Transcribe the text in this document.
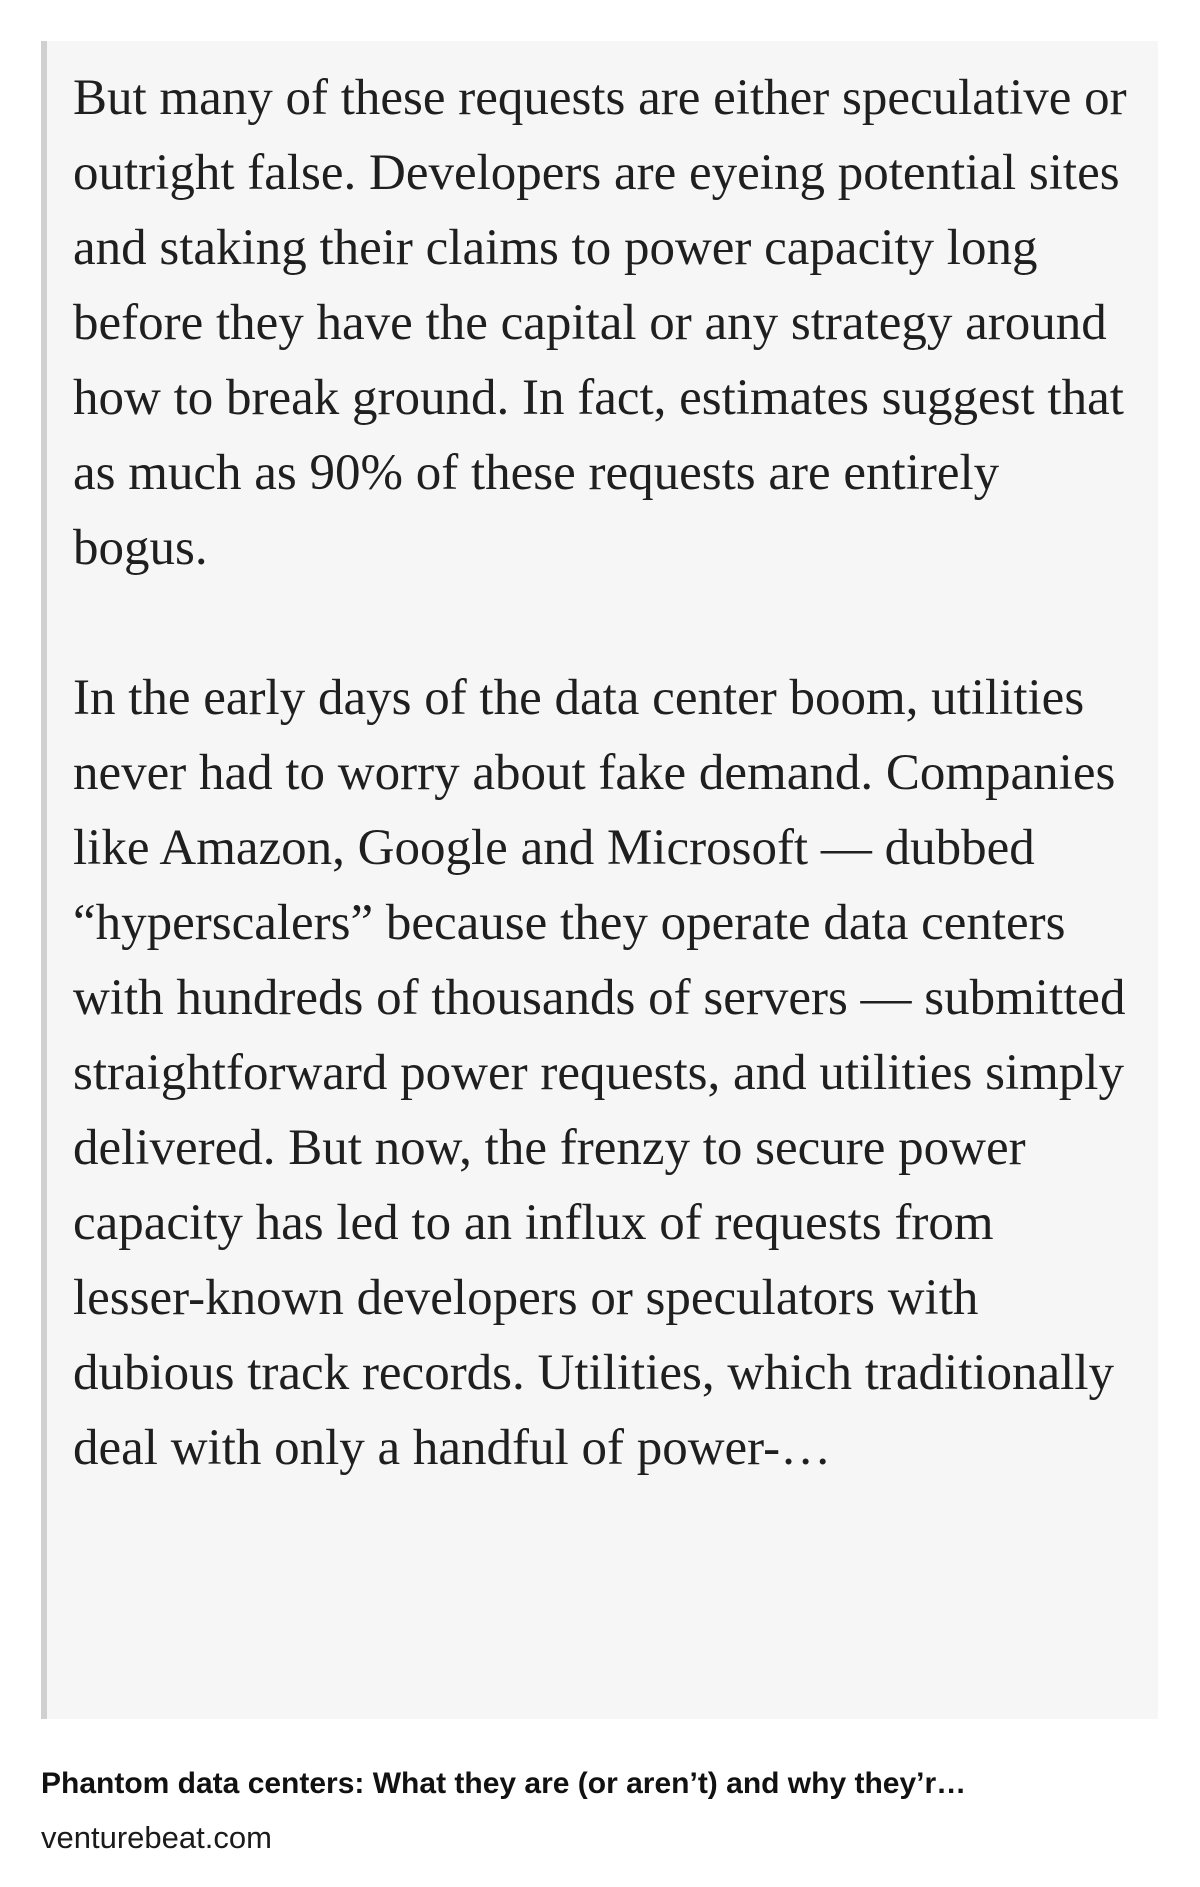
But many of these requests are either speculative or outright false. Developers are eyeing potential sites and staking their claims to power capacity long before they have the capital or any strategy around how to break ground. In fact, estimates suggest that as much as 90% of these requests are entirely bogus.

In the early days of the data center boom, utilities never had to worry about fake demand. Companies like Amazon, Google and Microsoft — dubbed “hyperscalers” because they operate data centers with hundreds of thousands of servers — submitted straightforward power requests, and utilities simply delivered. But now, the frenzy to secure power capacity has led to an influx of requests from lesser-known developers or speculators with dubious track records. Utilities, which traditionally deal with only a handful of power-…

Phantom data centers: What they are (or aren’t) and why they’r…
venturebeat.com
